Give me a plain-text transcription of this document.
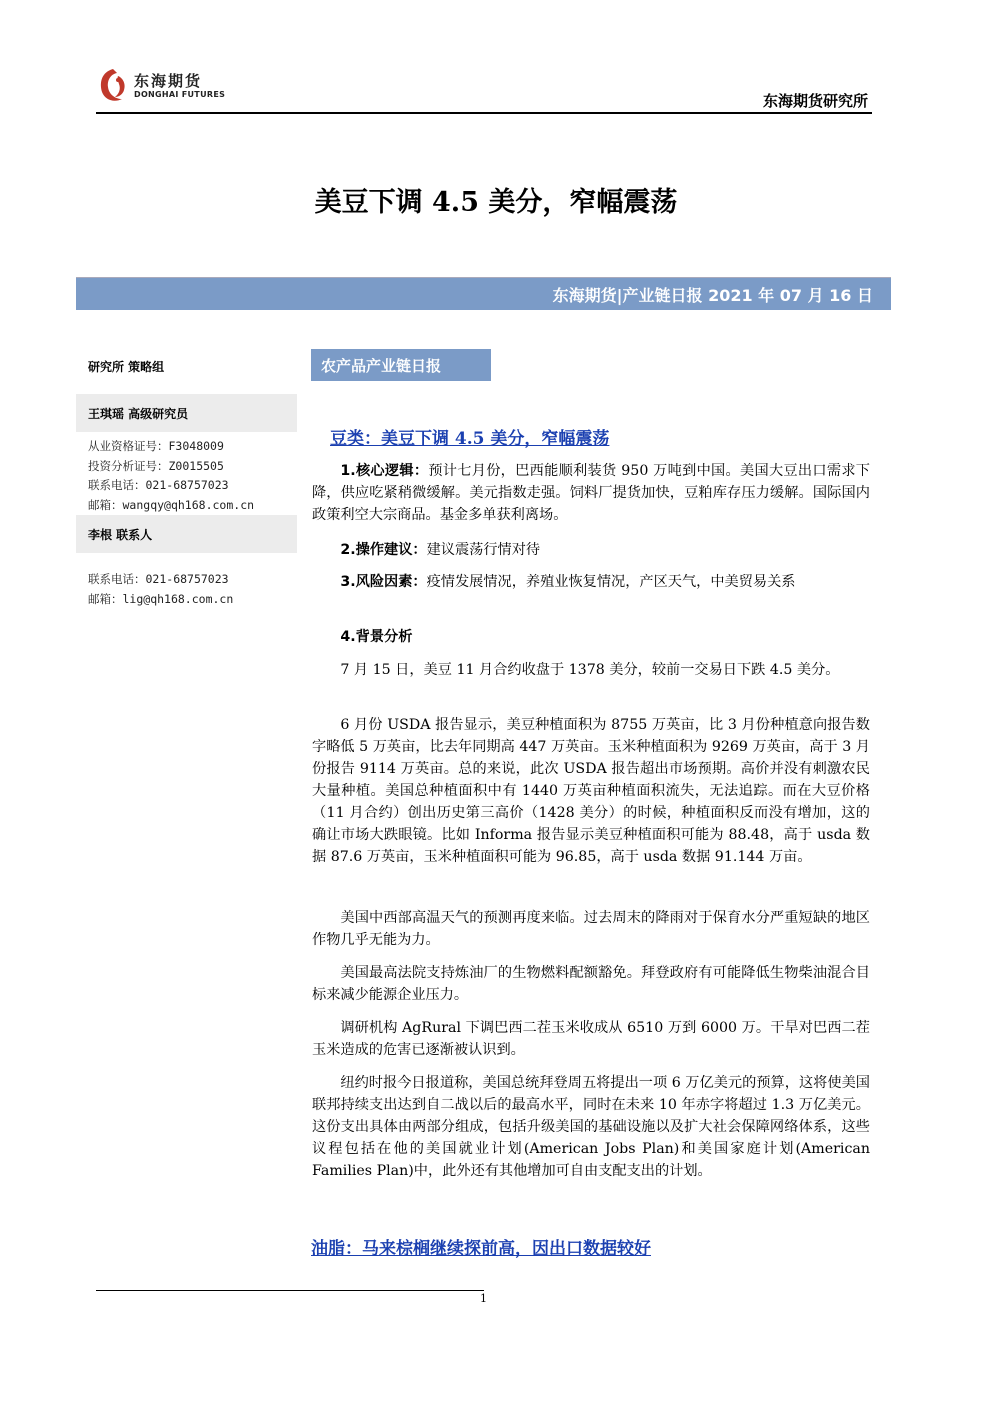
东海期货
DONGHAI FUTURES	东海期货研究所
美豆下调 4.5 美分，窄幅震荡
东海期货|产业链日报 2021 年 07 月 16 日
研究所 策略组
王琪瑶 高级研究员
从业资格证号：F3048009
投资分析证号：Z0015505
联系电话：021-68757023
邮箱：wangqy@qh168.com.cn
李根 联系人
联系电话：021-68757023
邮箱：lig@qh168.com.cn
农产品产业链日报
豆类：美豆下调 4.5 美分，窄幅震荡
1.核心逻辑：预计七月份，巴西能顺利装货 950 万吨到中国。美国大豆出口需求下降，供应吃紧稍微缓解。美元指数走强。饲料厂提货加快，豆粕库存压力缓解。国际国内政策利空大宗商品。基金多单获利离场。
2.操作建议：建议震荡行情对待
3.风险因素：疫情发展情况，养殖业恢复情况，产区天气，中美贸易关系
4.背景分析
7 月 15 日，美豆 11 月合约收盘于 1378 美分，较前一交易日下跌 4.5 美分。
6 月份 USDA 报告显示，美豆种植面积为 8755 万英亩，比 3 月份种植意向报告数字略低 5 万英亩，比去年同期高 447 万英亩。玉米种植面积为 9269 万英亩，高于 3 月份报告 9114 万英亩。总的来说，此次 USDA 报告超出市场预期。高价并没有刺激农民大量种植。美国总种植面积中有 1440 万英亩种植面积流失，无法追踪。而在大豆价格（11 月合约）创出历史第三高价（1428 美分）的时候，种植面积反而没有增加，这的确让市场大跌眼镜。比如 Informa 报告显示美豆种植面积可能为 88.48，高于 usda 数据 87.6 万英亩，玉米种植面积可能为 96.85，高于 usda 数据 91.144 万亩。
美国中西部高温天气的预测再度来临。过去周末的降雨对于保育水分严重短缺的地区作物几乎无能为力。
美国最高法院支持炼油厂的生物燃料配额豁免。拜登政府有可能降低生物柴油混合目标来减少能源企业压力。
调研机构 AgRural 下调巴西二茬玉米收成从 6510 万到 6000 万。干旱对巴西二茬玉米造成的危害已逐渐被认识到。
纽约时报今日报道称，美国总统拜登周五将提出一项 6 万亿美元的预算，这将使美国联邦持续支出达到自二战以后的最高水平，同时在未来 10 年赤字将超过 1.3 万亿美元。这份支出具体由两部分组成，包括升级美国的基础设施以及扩大社会保障网络体系，这些议程包括在他的美国就业计划(American Jobs Plan)和美国家庭计划(American Families Plan)中，此外还有其他增加可自由支配支出的计划。
油脂：马来棕榈继续探前高，因出口数据较好
1
